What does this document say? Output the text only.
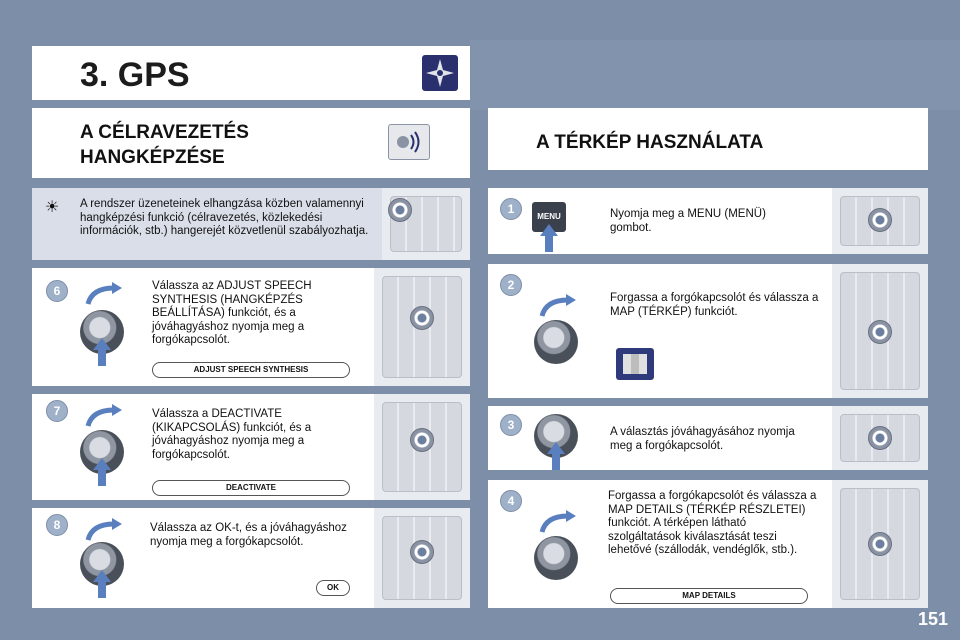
3. GPS
A CÉLRAVEZETÉS
HANGKÉPZÉSE
A TÉRKÉP HASZNÁLATA
☀ A rendszer üzeneteinek elhangzása közben valamennyi hangképzési funkció (célravezetés, közlekedési információk, stb.) hangerejét közvetlenül szabályozhatja.
6	Válassza az ADJUST SPEECH SYNTHESIS (HANGKÉPZÉS BEÁLLÍTÁSA) funkciót, és a jóváhagyáshoz nyomja meg a forgókapcsolót.
ADJUST SPEECH SYNTHESIS
7	Válassza a DEACTIVATE (KIKAPCSOLÁS) funkciót, és a jóváhagyáshoz nyomja meg a forgókapcsolót.
DEACTIVATE
8	Válassza az OK-t, és a jóváhagyáshoz nyomja meg a forgókapcsolót.
OK
1
MENU	Nyomja meg a MENU (MENÜ) gombot.
2
Forgassa a forgókapcsolót és válassza a MAP (TÉRKÉP) funkciót.
3	A választás jóváhagyásához nyomja meg a forgókapcsolót.
4	Forgassa a forgókapcsolót és válassza a MAP DETAILS (TÉRKÉP RÉSZLETEI) funkciót. A térképen látható szolgáltatások kiválasztását teszi lehetővé (szállodák, vendéglők, stb.).
MAP DETAILS
151
